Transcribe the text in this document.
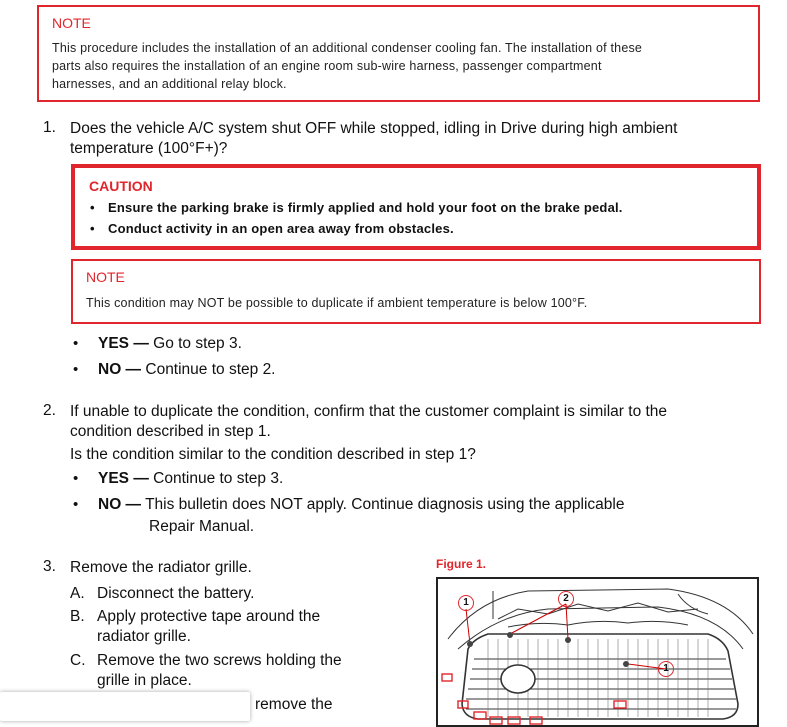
NOTE
This procedure includes the installation of an additional condenser cooling fan. The installation of these
parts also requires the installation of an engine room sub-wire harness, passenger compartment
harnesses, and an additional relay block.
1. Does the vehicle A/C system shut OFF while stopped, idling in Drive during high ambient
temperature (100°F+)?
CAUTION
• Ensure the parking brake is firmly applied and hold your foot on the brake pedal.
• Conduct activity in an open area away from obstacles.
NOTE
This condition may NOT be possible to duplicate if ambient temperature is below 100°F.
• YES — Go to step 3.
• NO — Continue to step 2.
2. If unable to duplicate the condition, confirm that the customer complaint is similar to the
condition described in step 1.
Is the condition similar to the condition described in step 1?
• YES — Continue to step 3.
• NO — This bulletin does NOT apply. Continue diagnosis using the applicable
Repair Manual.
3. Remove the radiator grille.
A. Disconnect the battery.
B. Apply protective tape around the
radiator grille.
C. Remove the two screws holding the
grille in place.
remove the
Figure 1.
1	2
1
